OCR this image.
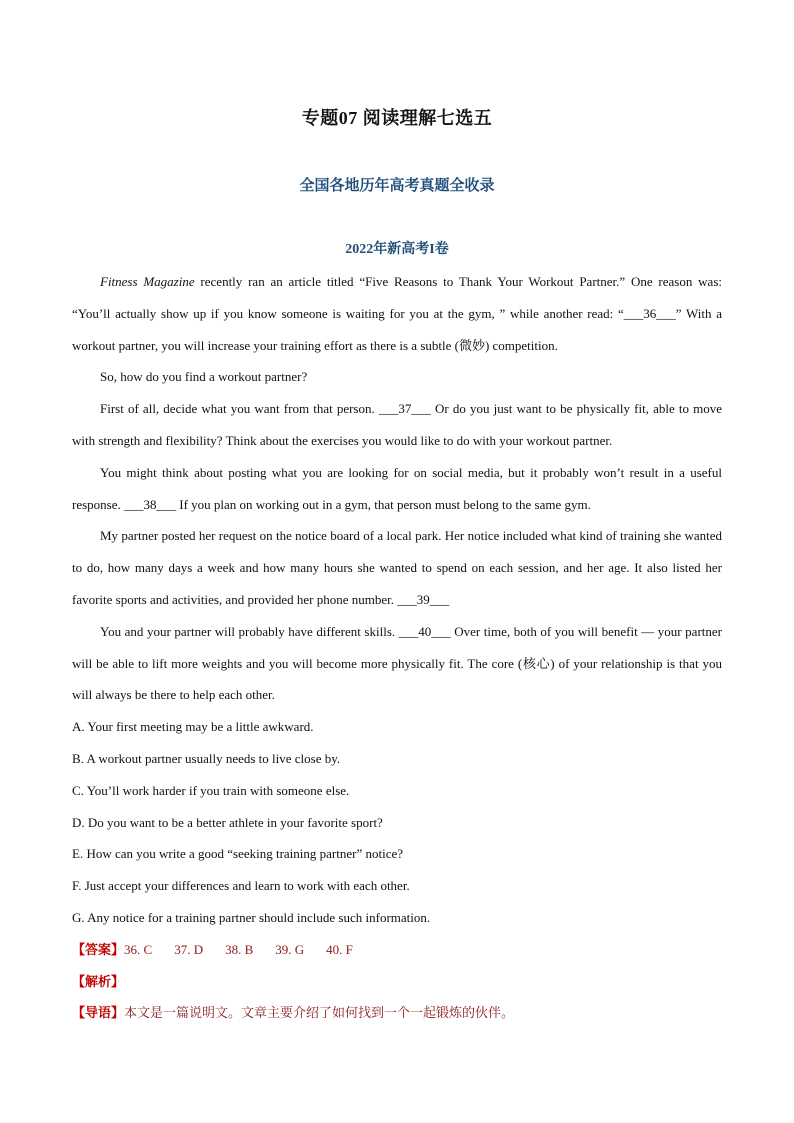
专题07 阅读理解七选五
全国各地历年高考真题全收录
2022年新高考I卷

Fitness Magazine recently ran an article titled “Five Reasons to Thank Your Workout Partner.” One reason was: “You’ll actually show up if you know someone is waiting for you at the gym, ” while another read: “___36___” With a workout partner, you will increase your training effort as there is a subtle (微妙) competition.

So, how do you find a workout partner?

First of all, decide what you want from that person. ___37___ Or do you just want to be physically fit, able to move with strength and flexibility? Think about the exercises you would like to do with your workout partner.

You might think about posting what you are looking for on social media, but it probably won’t result in a useful response. ___38___ If you plan on working out in a gym, that person must belong to the same gym.

My partner posted her request on the notice board of a local park. Her notice included what kind of training she wanted to do, how many days a week and how many hours she wanted to spend on each session, and her age. It also listed her favorite sports and activities, and provided her phone number. ___39___

You and your partner will probably have different skills. ___40___ Over time, both of you will benefit — your partner will be able to lift more weights and you will become more physically fit. The core (核心) of your relationship is that you will always be there to help each other.

A. Your first meeting may be a little awkward.

B. A workout partner usually needs to live close by.

C. You’ll work harder if you train with someone else.

D. Do you want to be a better athlete in your favorite sport?

E. How can you write a good “seeking training partner” notice?

F. Just accept your differences and learn to work with each other.

G. Any notice for a training partner should include such information.

【答案】36. C 37. D 38. B 39. G 40. F

【解析】

【导语】本文是一篇说明文。文章主要介绍了如何找到一个一起锻炼的伙伴。
